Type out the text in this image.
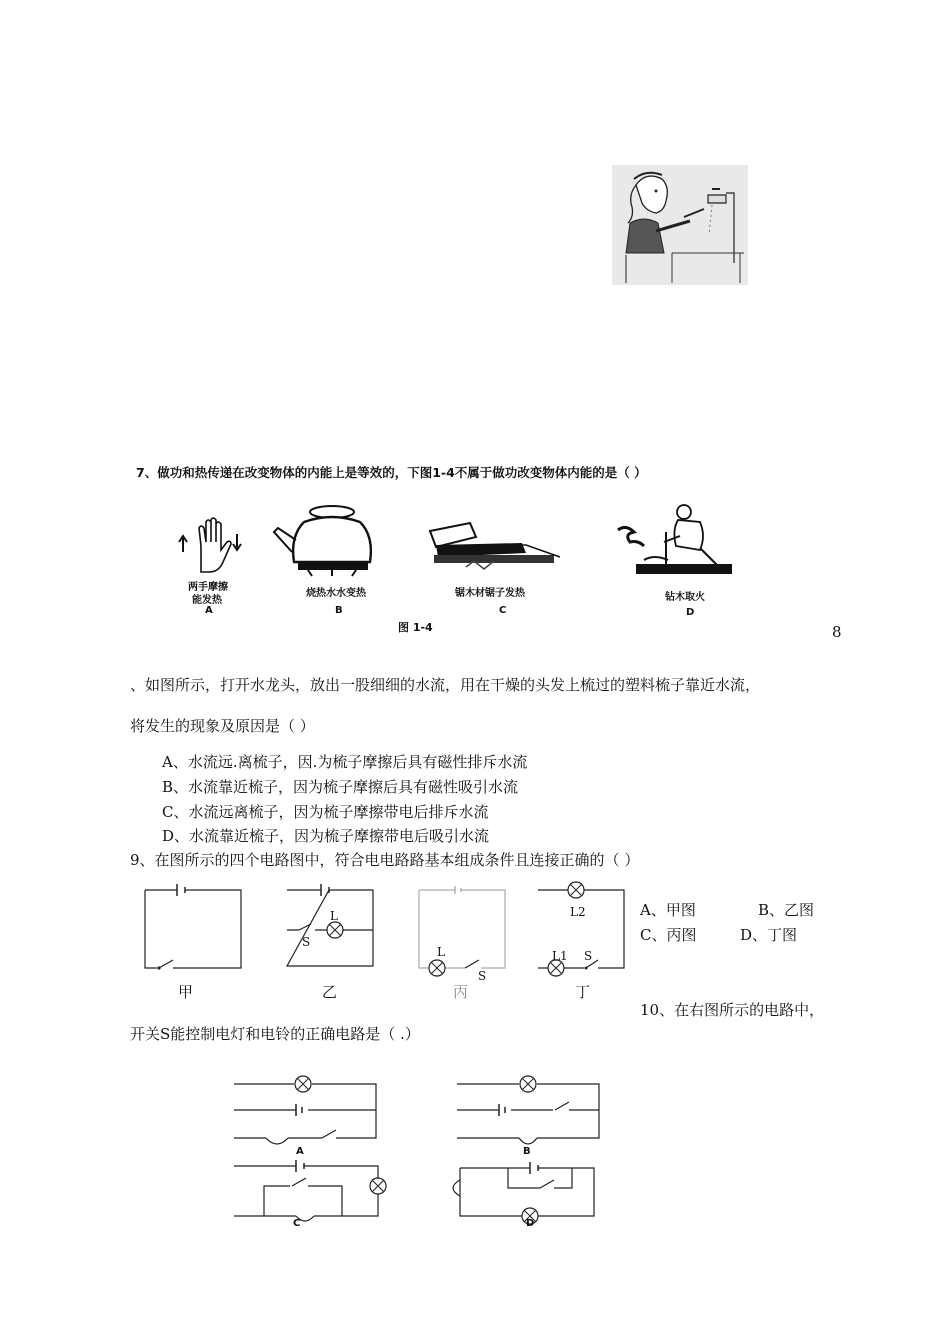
7、做功和热传递在改变物体的内能上是等效的，下图1-4不属于做功改变物体内能的是（ ）
两手摩擦
能发热
A
烧热水水变热
B
锯木材锯子发热
C
钻木取火
D
图 1-4	8
、如图所示，打开水龙头，放出一股细细的水流，用在干燥的头发上梳过的塑料梳子靠近水流，
将发生的现象及原因是（ ）
A、水流远.离梳子，因.为梳子摩擦后具有磁性排斥水流
B、水流靠近梳子，因为梳子摩擦后具有磁性吸引水流
C、水流远离梳子，因为梳子摩擦带电后排斥水流
D、水流靠近梳子，因为梳子摩擦带电后吸引水流
9、在图所示的四个电路图中，符合电电路路基本组成条件且连接正确的（ ）
甲
L
S
乙
L
S
丙
L2
L1 S
丁
A、甲图	B、乙图
C、丙图	D、丁图
10、在右图所示的电路中，
开关S能控制电灯和电铃的正确电路是（ .）
A	B
C	D
